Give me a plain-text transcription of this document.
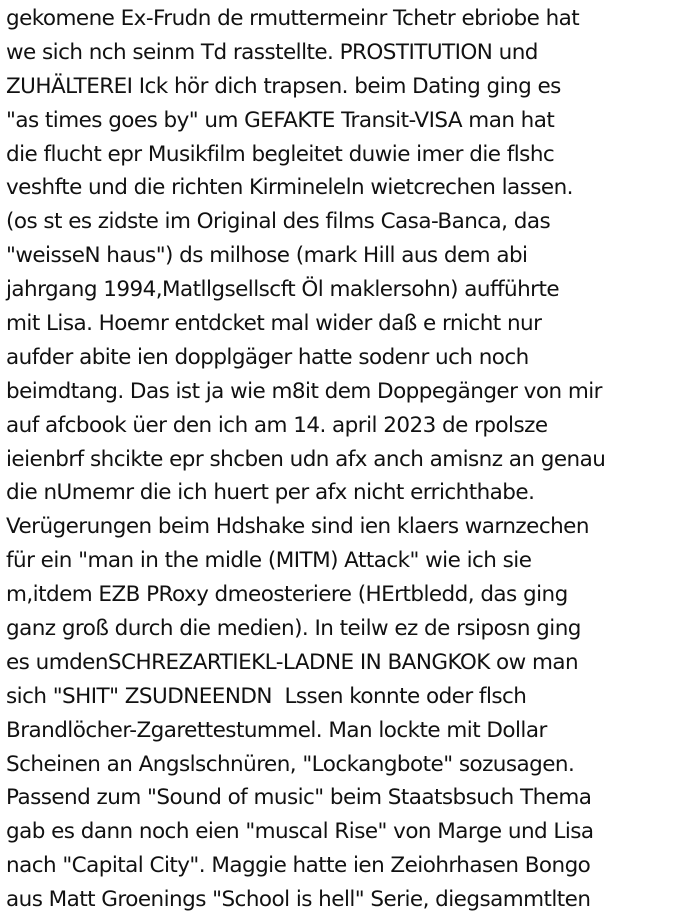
gekomene Ex-Frudn de rmuttermeinr Tchetr ebriobe hat
we sich nch seinm Td rasstellte. PROSTITUTION und
ZUHÄLTEREI Ick hör dich trapsen. beim Dating ging es
"as times goes by" um GEFAKTE Transit-VISA man hat
die flucht epr Musikfilm begleitet duwie imer die flshc
veshfte und die richten Kirmineleln wietcrechen lassen.
(os st es zidste im Original des films Casa-Banca, das
"weisseN haus") ds milhose (mark Hill aus dem abi
jahrgang 1994,Matllgsellscft Öl maklersohn) aufführte
mit Lisa. Hoemr entdcket mal wider daß e rnicht nur
aufder abite ien dopplgäger hatte sodenr uch noch
beimdtang. Das ist ja wie m8it dem Doppegänger von mir
auf afcbook üer den ich am 14. april 2023 de rpolsze
ieienbrf shcikte epr shcben udn afx anch amisnz an genau
die nUmemr die ich huert per afx nicht errichthabe.
Verügerungen beim Hdshake sind ien klaers warnzechen
für ein "man in the midle (MITM) Attack" wie ich sie
m,itdem EZB PRoxy dmeosteriere (HErtbledd, das ging
ganz groß durch die medien). In teilw ez de rsiposn ging
es umdenSCHREZARTIEKL-LADNE IN BANGKOK ow man
sich "SHIT" ZSUDNEENDN  Lssen konnte oder flsch
Brandlöcher-Zgarettestummel. Man lockte mit Dollar
Scheinen an Angslschnüren, "Lockangbote" sozusagen.
Passend zum "Sound of music" beim Staatsbsuch Thema
gab es dann noch eien "muscal Rise" von Marge und Lisa
nach "Capital City". Maggie hatte ien Zeiohrhasen Bongo
aus Matt Groenings "School is hell" Serie, diegsammtlten
